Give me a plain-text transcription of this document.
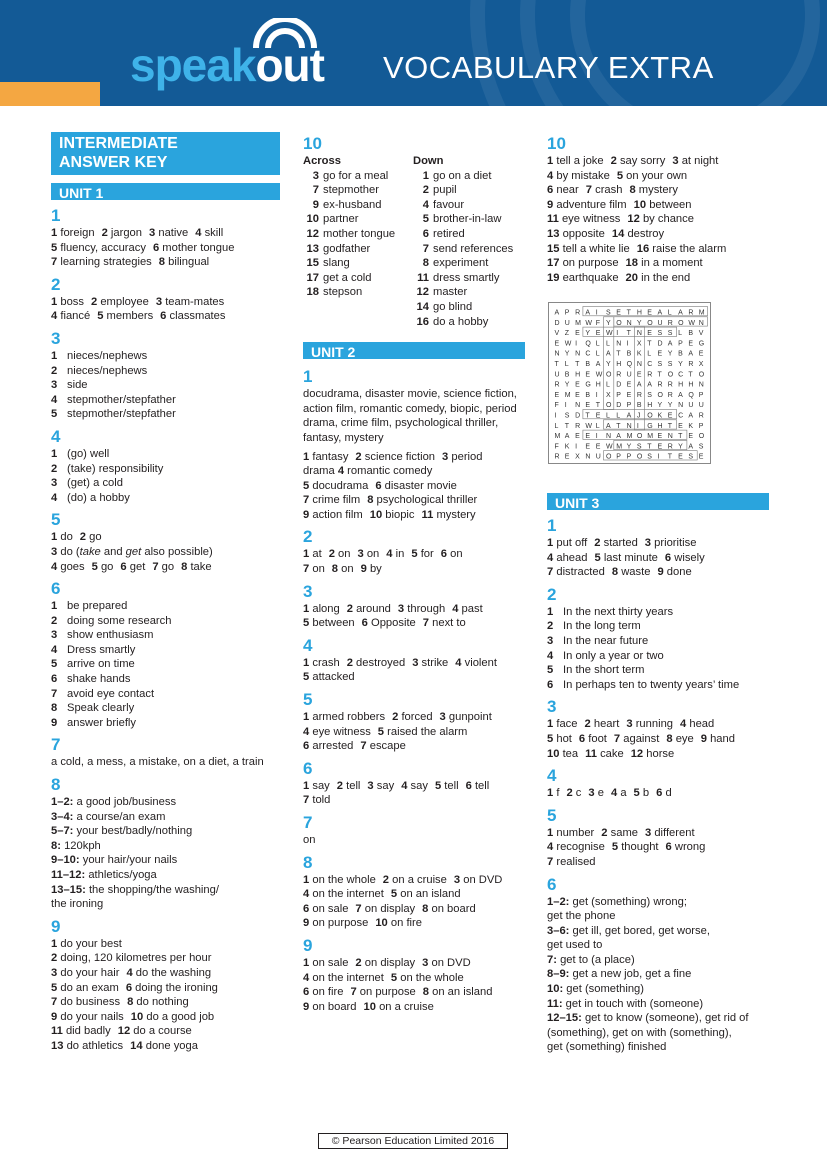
speakout VOCABULARY EXTRA
INTERMEDIATE
ANSWER KEY
UNIT 1
1

1 foreign 2 jargon 3 native 4 skill

5 fluency, accuracy 6 mother tongue

7 learning strategies 8 bilingual

2

1 boss 2 employee 3 team-mates

4 fiancé 5 members 6 classmates

3

1 nieces/nephews

2 nieces/nephews

3 side

4 stepmother/stepfather

5 stepmother/stepfather

4

1 (go) well

2 (take) responsibility

3 (get) a cold

4 (do) a hobby

5

1 do 2 go

3 do (take and get also possible)

4 goes 5 go 6 get 7 go 8 take

6

1 be prepared

2 doing some research

3 show enthusiasm

4 Dress smartly

5 arrive on time

6 shake hands

7 avoid eye contact

8 Speak clearly

9 answer briefly

7

a cold, a mess, a mistake, on a diet, a train

8

1–2: a good job/business

3–4: a course/an exam

5–7: your best/badly/nothing

8: 120kph

9–10: your hair/your nails

11–12: athletics/yoga

13–15: the shopping/the washing/

the ironing

9

1 do your best

2 doing, 120 kilometres per hour

3 do your hair 4 do the washing

5 do an exam 6 doing the ironing

7 do business 8 do nothing

9 do your nails 10 do a good job

11 did badly 12 do a course

13 do athletics 14 done yoga

10

Across

3	go for a meal
7	stepmother
9	ex-husband
10	partner
12	mother tongue
13	godfather
15	slang
17	get a cold
18	stepson

Down

1	go on a diet
2	pupil
4	favour
5	brother-in-law
6	retired
7	send references
8	experiment
11	dress smartly
12	master
14	go blind
16	do a hobby
UNIT 2
1

docudrama, disaster movie, science fiction, action film, romantic comedy, biopic, period drama, crime film, psychological thriller, fantasy, mystery

1 fantasy 2 science fiction 3 period

drama 4 romantic comedy

5 docudrama 6 disaster movie

7 crime film 8 psychological thriller

9 action film 10 biopic 11 mystery

2

1 at 2 on 3 on 4 in 5 for 6 on

7 on 8 on 9 by

3

1 along 2 around 3 through 4 past

5 between 6 Opposite 7 next to

4

1 crash 2 destroyed 3 strike 4 violent

5 attacked

5

1 armed robbers 2 forced 3 gunpoint

4 eye witness 5 raised the alarm

6 arrested 7 escape

6

1 say 2 tell 3 say 4 say 5 tell 6 tell

7 told

7

on

8

1 on the whole 2 on a cruise 3 on DVD

4 on the internet 5 on an island

6 on sale 7 on display 8 on board

9 on purpose 10 on fire

9

1 on sale 2 on display 3 on DVD

4 on the internet 5 on the whole

6 on fire 7 on purpose 8 on an island

9 on board 10 on a cruise

10

1 tell a joke 2 say sorry 3 at night

4 by mistake 5 on your own

6 near 7 crash 8 mystery

9 adventure film 10 between

11 eye witness 12 by chance

13 opposite 14 destroy

15 tell a white lie 16 raise the alarm

17 on purpose 18 in a moment

19 earthquake 20 in the end

A P R A I S E T H E A L A R M
D U M W F Y O N Y O U R O W N
V Z E Y E W I T N E S S L B V
E W I Q L L N I X T D A P E G
N Y N C L A T B K L E Y B A E
T L T B A Y H Q N C S S Y R X
U B H E W O R U E R T O C T O
R Y E G H L D E A A R R H H N
E M E B I X P E R S O R A Q P
F I N E T O D P B H Y Y N U U
I S D T E L L A J O K E C A R
L T R W L A T N I G H T E K P
M A E E I N A M O M E N T E O
F K I E E W M Y S T E R Y A S
R E X N U O P P O S I T E S E
UNIT 3
1

1 put off 2 started 3 prioritise

4 ahead 5 last minute 6 wisely

7 distracted 8 waste 9 done

2

1 In the next thirty years

2 In the long term

3 In the near future

4 In only a year or two

5 In the short term

6 In perhaps ten to twenty years’ time

3

1 face 2 heart 3 running 4 head

5 hot 6 foot 7 against 8 eye 9 hand

10 tea 11 cake 12 horse

4

1 f 2 c 3 e 4 a 5 b 6 d

5

1 number 2 same 3 different

4 recognise 5 thought 6 wrong

7 realised

6

1–2: get (something) wrong;

get the phone

3–6: get ill, get bored, get worse,

get used to

7: get to (a place)

8–9: get a new job, get a fine

10: get (something)

11: get in touch with (someone)

12–15: get to know (someone), get rid of

(something), get on with (something),

get (something) finished

© Pearson Education Limited 2016
